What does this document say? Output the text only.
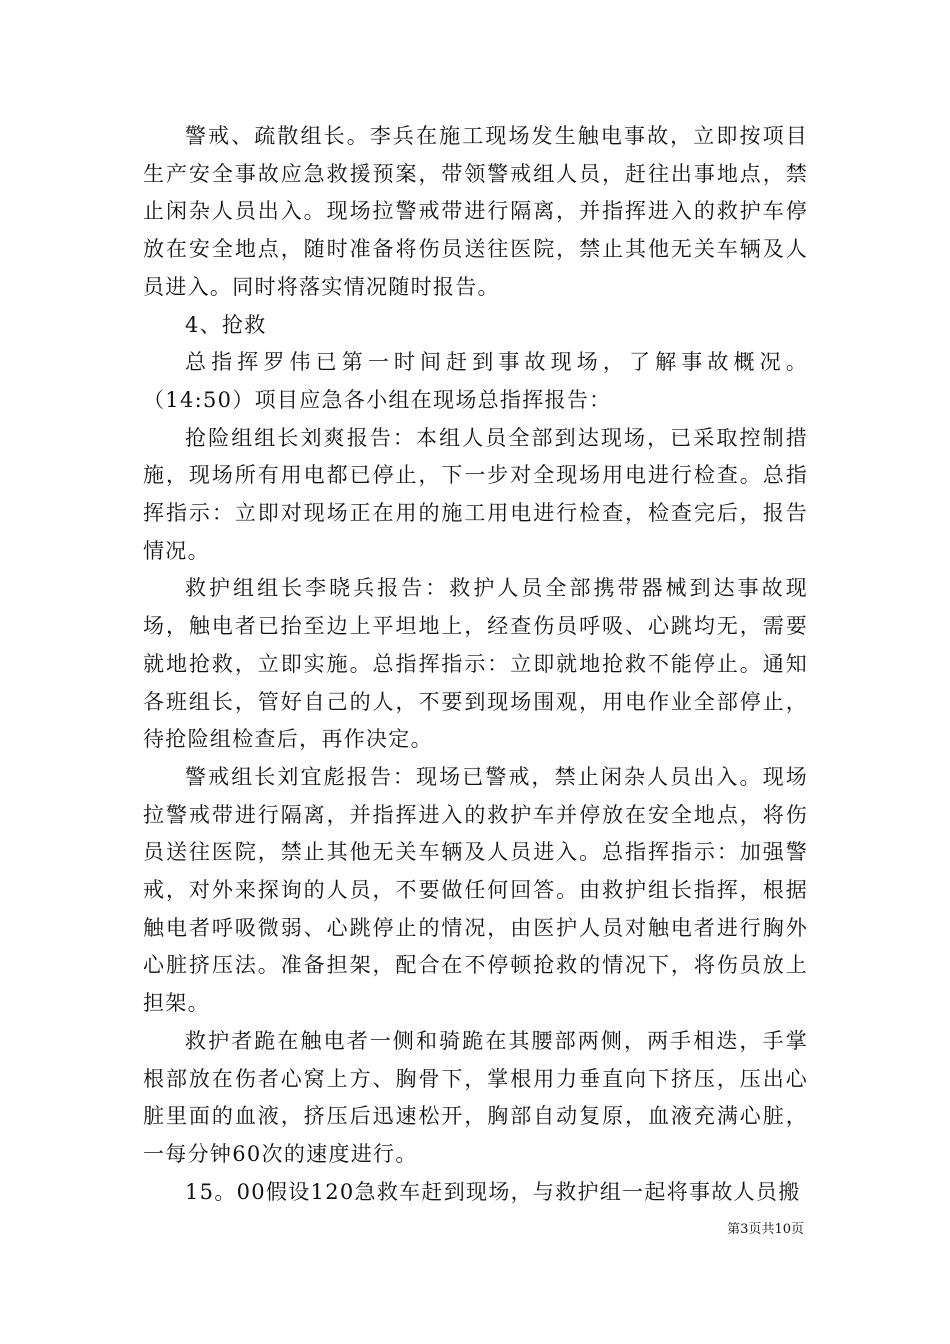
警戒、疏散组长。李兵在施工现场发生触电事故，立即按项目生产安全事故应急救援预案，带领警戒组人员，赶往出事地点，禁止闲杂人员出入。现场拉警戒带进行隔离，并指挥进入的救护车停放在安全地点，随时准备将伤员送往医院，禁止其他无关车辆及人员进入。同时将落实情况随时报告。

4、抢救

总指挥罗伟已第一时间赶到事故现场，了解事故概况。（14:50）项目应急各小组在现场总指挥报告：

抢险组组长刘爽报告：本组人员全部到达现场，已采取控制措施，现场所有用电都已停止，下一步对全现场用电进行检查。总指挥指示：立即对现场正在用的施工用电进行检查，检查完后，报告情况。

救护组组长李晓兵报告：救护人员全部携带器械到达事故现场，触电者已抬至边上平坦地上，经查伤员呼吸、心跳均无，需要就地抢救，立即实施。总指挥指示：立即就地抢救不能停止。通知各班组长，管好自己的人，不要到现场围观，用电作业全部停止，待抢险组检查后，再作决定。

警戒组长刘宜彪报告：现场已警戒，禁止闲杂人员出入。现场拉警戒带进行隔离，并指挥进入的救护车并停放在安全地点，将伤员送往医院，禁止其他无关车辆及人员进入。总指挥指示：加强警戒，对外来探询的人员，不要做任何回答。由救护组长指挥，根据触电者呼吸微弱、心跳停止的情况，由医护人员对触电者进行胸外心脏挤压法。准备担架，配合在不停顿抢救的情况下，将伤员放上担架。

救护者跪在触电者一侧和骑跪在其腰部两侧，两手相迭，手掌根部放在伤者心窝上方、胸骨下，掌根用力垂直向下挤压，压出心脏里面的血液，挤压后迅速松开，胸部自动复原，血液充满心脏，一每分钟60次的速度进行。

15。00假设120急救车赶到现场，与救护组一起将事故人员搬

第3页共10页
